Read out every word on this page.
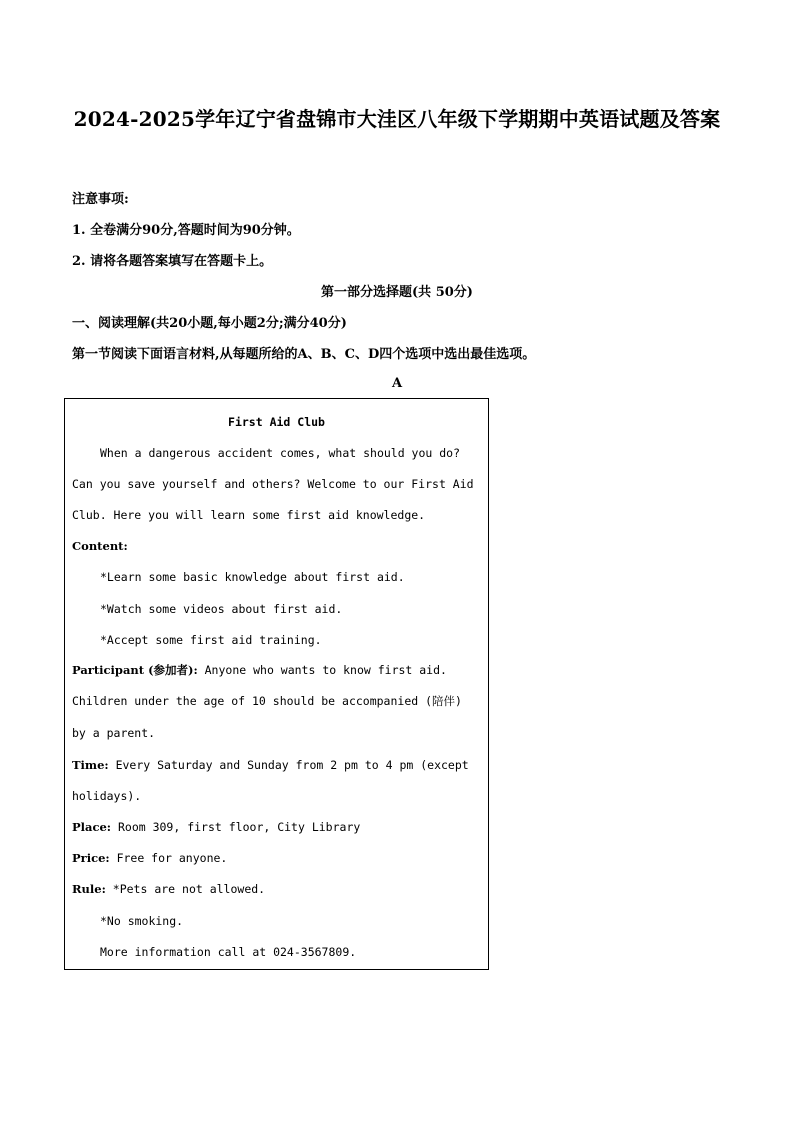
2024-2025学年辽宁省盘锦市大洼区八年级下学期期中英语试题及答案
注意事项:
1. 全卷满分90分,答题时间为90分钟。
2. 请将各题答案填写在答题卡上。
第一部分选择题(共 50分)
一、阅读理解(共20小题,每小题2分;满分40分)
第一节阅读下面语言材料,从每题所给的A、B、C、D四个选项中选出最佳选项。
A
First Aid Club
When a dangerous accident comes, what should you do?
Can you save yourself and others? Welcome to our First Aid
Club. Here you will learn some first aid knowledge.
Content:
*Learn some basic knowledge about first aid.
*Watch some videos about first aid.
*Accept some first aid training.
Participant (参加者): Anyone who wants to know first aid.
Children under the age of 10 should be accompanied (陪伴)
by a parent.
Time: Every Saturday and Sunday from 2 pm to 4 pm (except
holidays).
Place: Room 309, first floor, City Library
Price: Free for anyone.
Rule: *Pets are not allowed.
*No smoking.
More information call at 024-3567809.
